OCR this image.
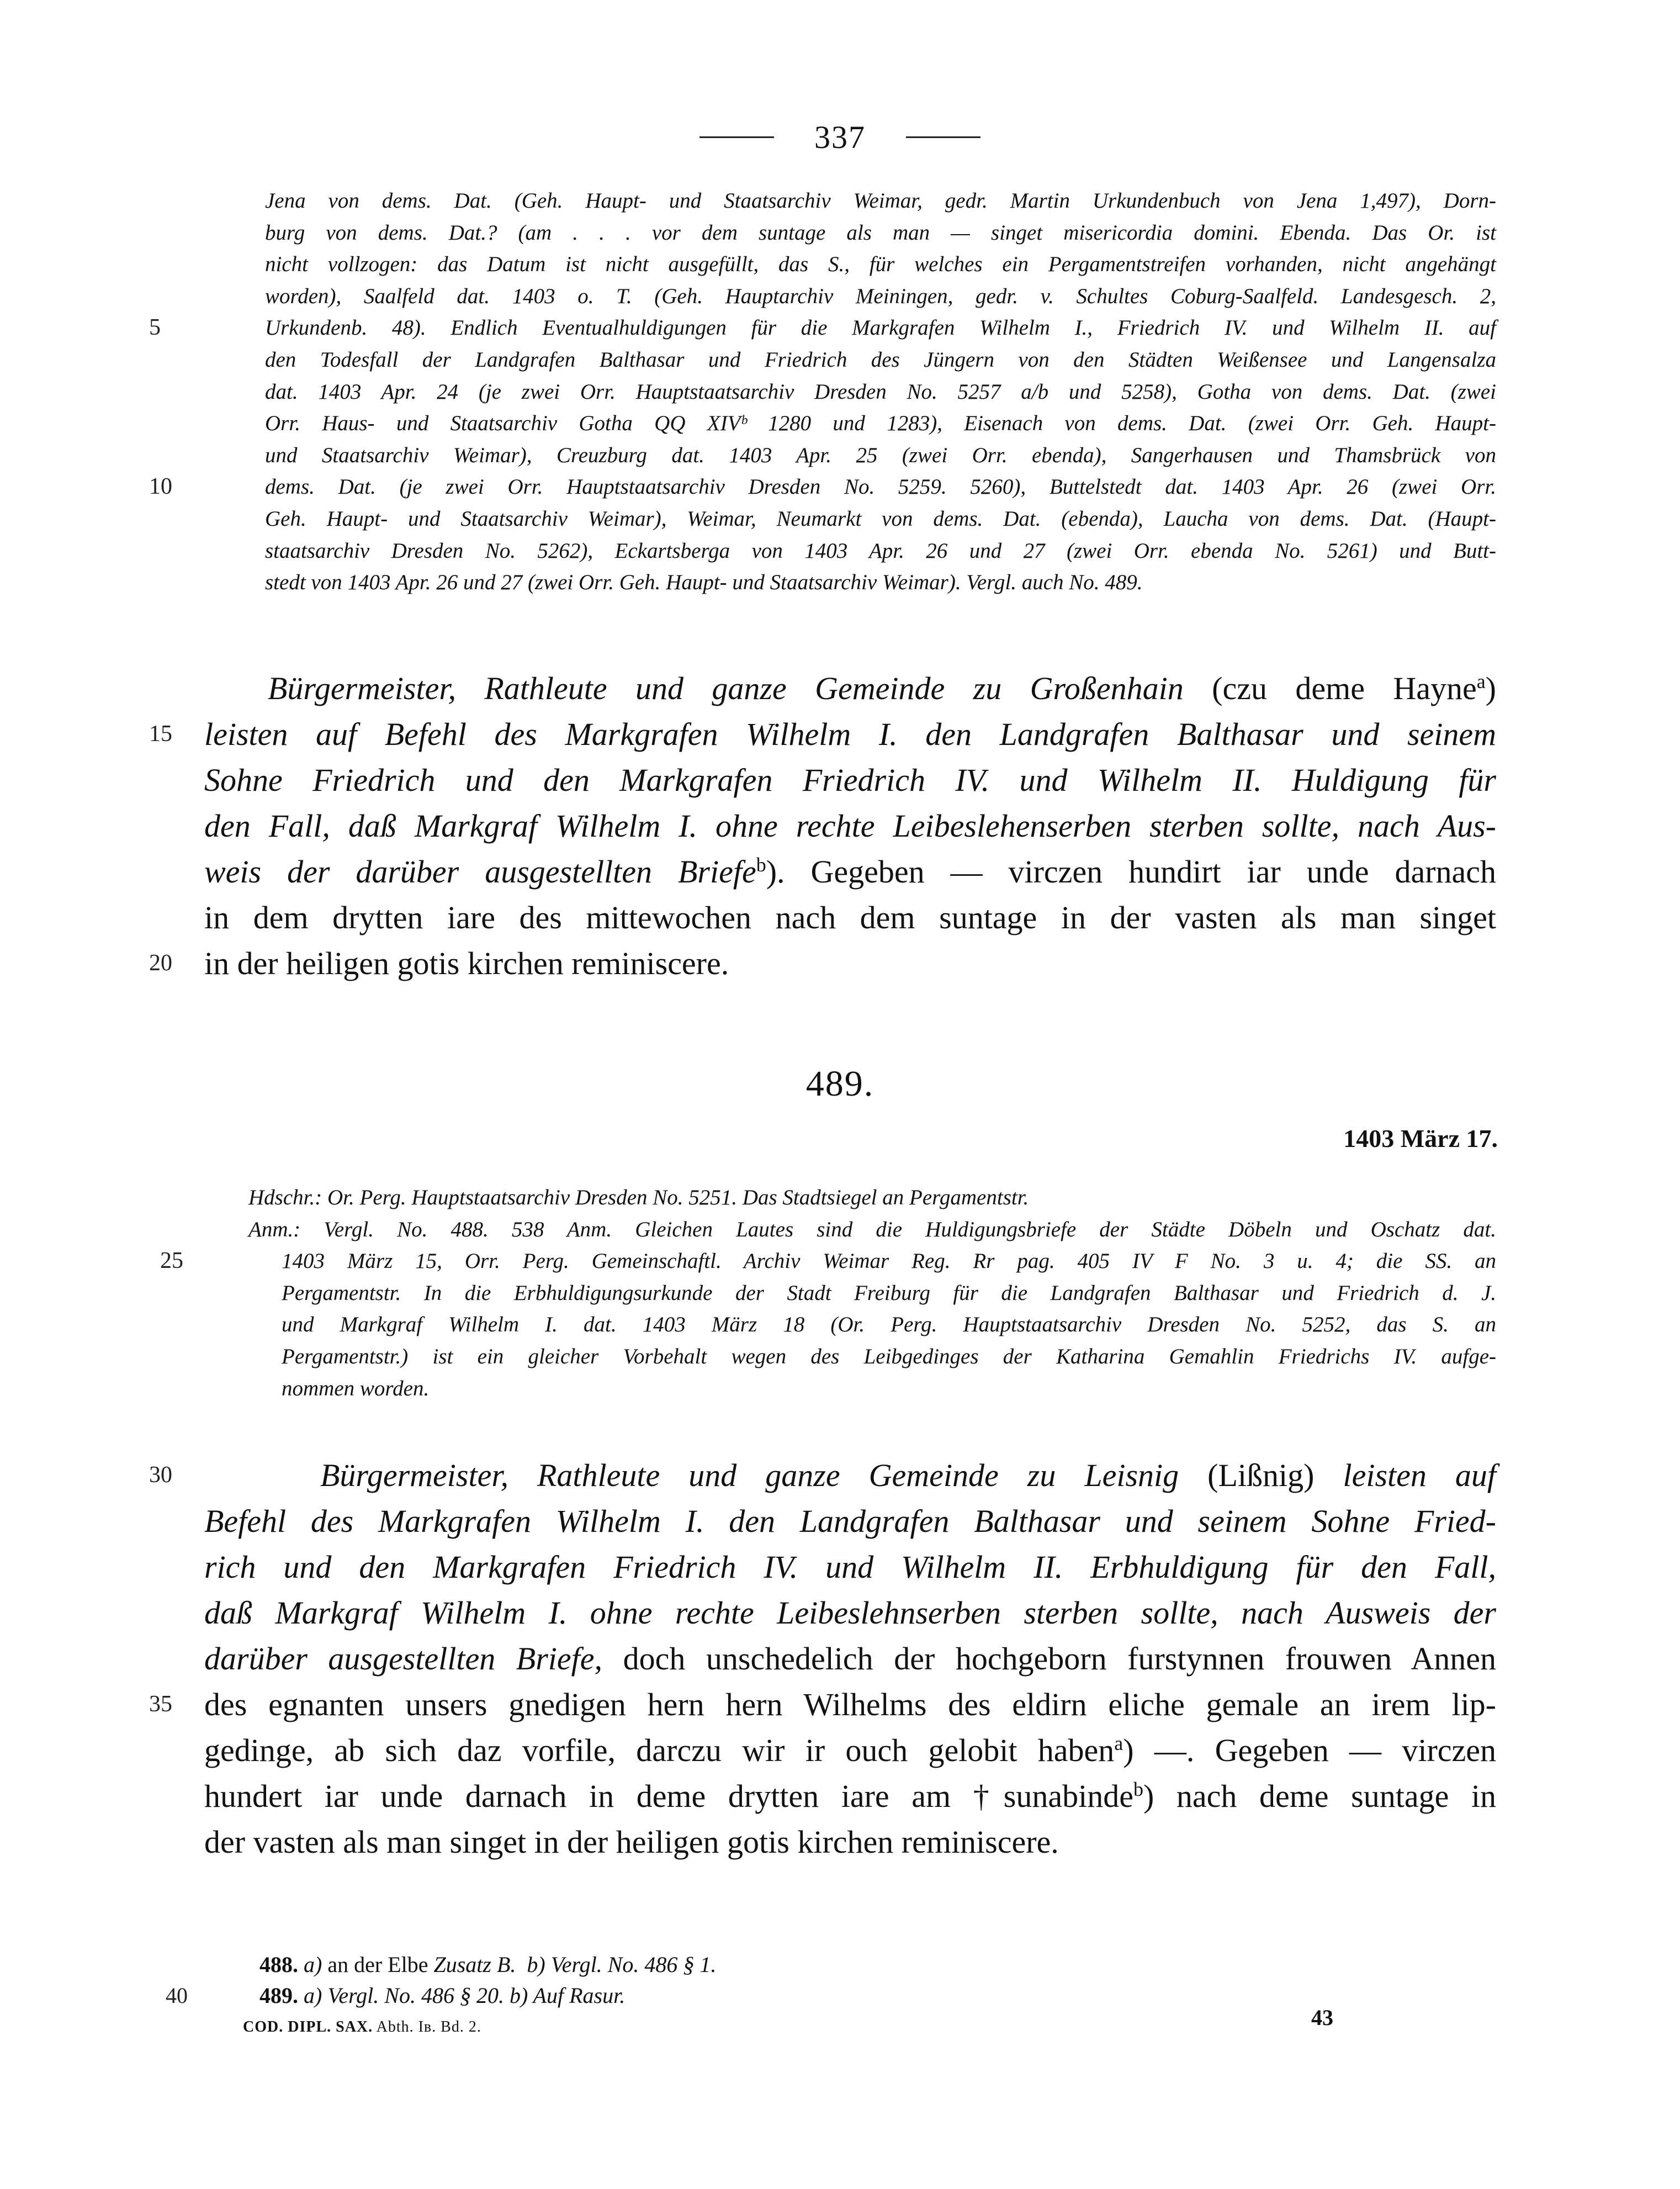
337
Jena von dems. Dat. (Geh. Haupt- und Staatsarchiv Weimar, gedr. Martin Urkundenbuch von Jena 1,497), Dorn-
burg von dems. Dat.? (am . . . vor dem suntage als man — singet misericordia domini. Ebenda. Das Or. ist
nicht vollzogen: das Datum ist nicht ausgefüllt, das S., für welches ein Pergamentstreifen vorhanden, nicht angehängt
worden), Saalfeld dat. 1403 o. T. (Geh. Hauptarchiv Meiningen, gedr. v. Schultes Coburg-Saalfeld. Landesgesch. 2,
5	Urkundenb. 48). Endlich Eventualhuldigungen für die Markgrafen Wilhelm I., Friedrich IV. und Wilhelm II. auf
den Todesfall der Landgrafen Balthasar und Friedrich des Jüngern von den Städten Weißensee und Langensalza
dat. 1403 Apr. 24 (je zwei Orr. Hauptstaatsarchiv Dresden No. 5257 a/b und 5258), Gotha von dems. Dat. (zwei
Orr. Haus- und Staatsarchiv Gotha QQ XIVᵇ 1280 und 1283), Eisenach von dems. Dat. (zwei Orr. Geh. Haupt-
und Staatsarchiv Weimar), Creuzburg dat. 1403 Apr. 25 (zwei Orr. ebenda), Sangerhausen und Thamsbrück von
10	dems. Dat. (je zwei Orr. Hauptstaatsarchiv Dresden No. 5259. 5260), Buttelstedt dat. 1403 Apr. 26 (zwei Orr.
Geh. Haupt- und Staatsarchiv Weimar), Weimar, Neumarkt von dems. Dat. (ebenda), Laucha von dems. Dat. (Haupt-
staatsarchiv Dresden No. 5262), Eckartsberga von 1403 Apr. 26 und 27 (zwei Orr. ebenda No. 5261) und Butt-
stedt von 1403 Apr. 26 und 27 (zwei Orr. Geh. Haupt- und Staatsarchiv Weimar). Vergl. auch No. 489.
Bürgermeister, Rathleute und ganze Gemeinde zu Großenhain (czu deme Hayne$^a$)
15 leisten auf Befehl des Markgrafen Wilhelm I. den Landgrafen Balthasar und seinem
Sohne Friedrich und den Markgrafen Friedrich IV. und Wilhelm II. Huldigung für
den Fall, daß Markgraf Wilhelm I. ohne rechte Leibeslehenserben sterben sollte, nach Aus-
weis der darüber ausgestellten Briefe$^b$). Gegeben — virczen hundirt iar unde darnach
in dem drytten iare des mittewochen nach dem suntage in der vasten als man singet
20 in der heiligen gotis kirchen reminiscere.
489.
1403 März 17.
Hdschr.: Or. Perg. Hauptstaatsarchiv Dresden No. 5251. Das Stadtsiegel an Pergamentstr.
Anm.: Vergl. No. 488. 538 Anm. Gleichen Lautes sind die Huldigungsbriefe der Städte Döbeln und Oschatz dat.
25	1403 März 15, Orr. Perg. Gemeinschaftl. Archiv Weimar Reg. Rr pag. 405 IV F No. 3 u. 4; die SS. an
Pergamentstr. In die Erbhuldigungsurkunde der Stadt Freiburg für die Landgrafen Balthasar und Friedrich d. J.
und Markgraf Wilhelm I. dat. 1403 März 18 (Or. Perg. Hauptstaatsarchiv Dresden No. 5252, das S. an
Pergamentstr.) ist ein gleicher Vorbehalt wegen des Leibgedinges der Katharina Gemahlin Friedrichs IV. aufge-
nommen worden.
30	Bürgermeister, Rathleute und ganze Gemeinde zu Leisnig (Lißnig) leisten auf
Befehl des Markgrafen Wilhelm I. den Landgrafen Balthasar und seinem Sohne Fried-
rich und den Markgrafen Friedrich IV. und Wilhelm II. Erbhuldigung für den Fall,
daß Markgraf Wilhelm I. ohne rechte Leibeslehnserben sterben sollte, nach Ausweis der
darüber ausgestellten Briefe, doch unschedelich der hochgeborn furstynnen frouwen Annen
35 des egnanten unsers gnedigen hern hern Wilhelms des eldirn eliche gemale an irem lip-
gedinge, ab sich daz vorfile, darczu wir ir ouch gelobit haben$^a$) —. Gegeben — virczen
hundert iar unde darnach in deme drytten iare am †sunabinde$^b$) nach deme suntage in
der vasten als man singet in der heiligen gotis kirchen reminiscere.
488. a) an der Elbe Zusatz B. b) Vergl. No. 486 § 1.
40	489. a) Vergl. No. 486 § 20. b) Auf Rasur.
COD. DIPL. SAX. Abth. Iв. Bd. 2.	43
